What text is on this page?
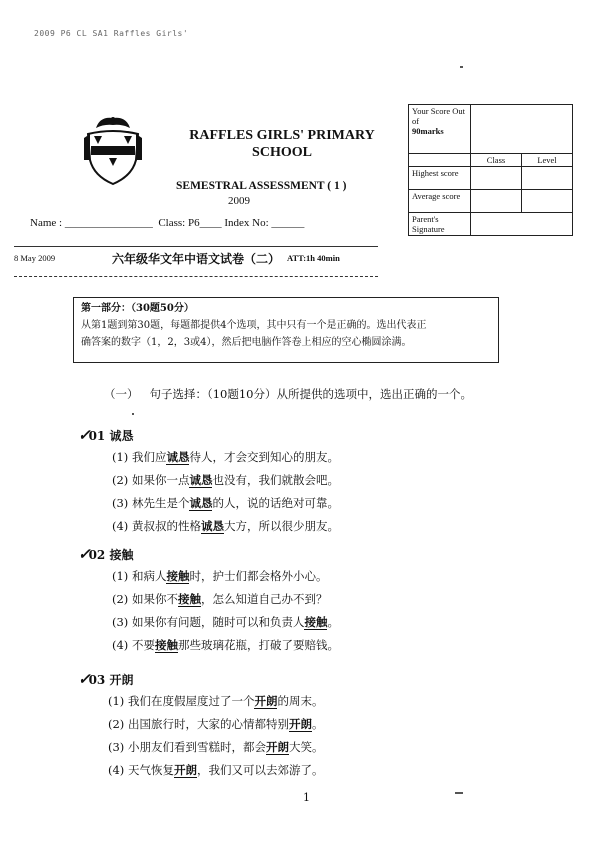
2009 P6 CL SA1 Raffles Girls'
RAFFLES GIRLS' PRIMARY
SCHOOL
SEMESTRAL ASSESSMENT ( 1 )
2009
Name : ________________ Class: P6____ Index No: ______
8 May 2009	六年级华文年中语文试卷（二） ATT:1h 40min
Your Score Out of
90marks		

	Class	Level
Highest score		
Average score		
Parent's Signature		
第一部分：（30题50分）
从第1题到第30题，每题都提供4个选项，其中只有一个是正确的。选出代表正
确答案的数字（1，2，3或4），然后把电脑作答卷上相应的空心椭圆涂满。
（一） 句子选择：（10题10分）从所提供的选项中，选出正确的一个。
✓01 诚恳
(1) 我们应诚恳待人，才会交到知心的朋友。
(2) 如果你一点诚恳也没有，我们就散会吧。
(3) 林先生是个诚恳的人，说的话绝对可靠。
(4) 黄叔叔的性格诚恳大方，所以很少朋友。
✓02 接触
(1) 和病人接触时，护士们都会格外小心。
(2) 如果你不接触，怎么知道自己办不到？
(3) 如果你有问题，随时可以和负责人接触。
(4) 不要接触那些玻璃花瓶，打破了要赔钱。
✓03 开朗
(1) 我们在度假屋度过了一个开朗的周末。
(2) 出国旅行时，大家的心情都特别开朗。
(3) 小朋友们看到雪糕时，都会开朗大笑。
(4) 天气恢复开朗，我们又可以去郊游了。
1
